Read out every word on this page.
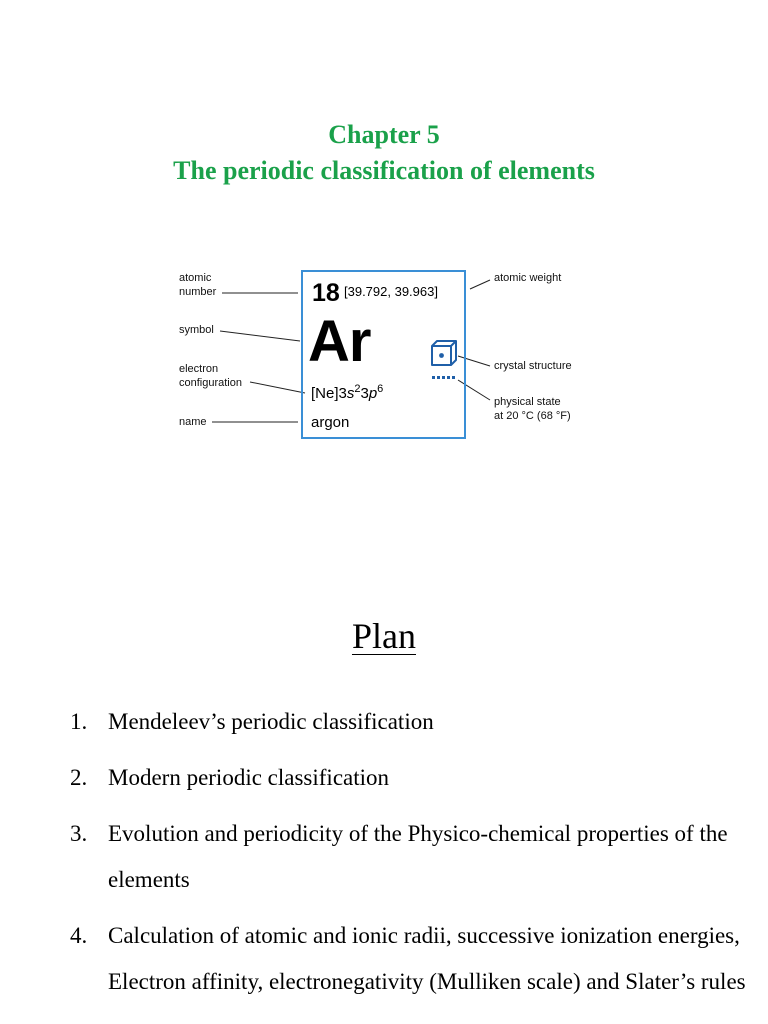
Chapter 5
The periodic classification of elements
atomic
number
symbol
electron
configuration
name
atomic weight
crystal structure
physical state
at 20 °C (68 °F)
18 [39.792, 39.963]
Ar
$[Ne]3s^23p^6$
argon
Plan
1. Mendeleev’s periodic classification
2. Modern periodic classification
3. Evolution and periodicity of the Physico-chemical properties of the elements
4. Calculation of atomic and ionic radii, successive ionization energies, Electron affinity, electronegativity (Mulliken scale) and Slater’s rules
